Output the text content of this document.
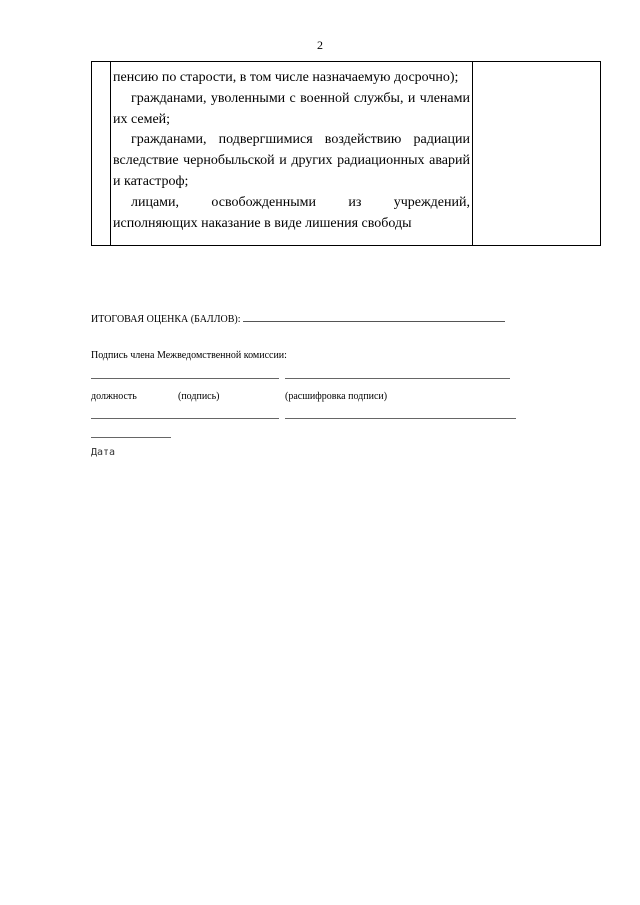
2

пенсию по старости, в том числе назначаемую досрочно);

гражданами, уволенными с военной службы, и членами их семей;

гражданами, подвергшимися воздействию радиации вследствие чернобыльской и других радиационных аварий и катастроф;

лицами, освобожденными из учреждений, исполняющих наказание в виде лишения свободы

ИТОГОВАЯ ОЦЕНКА (БАЛЛОВ):
Подпись члена Межведомственной комиссии:
должность	(подпись)	(расшифровка подписи)
Дата
